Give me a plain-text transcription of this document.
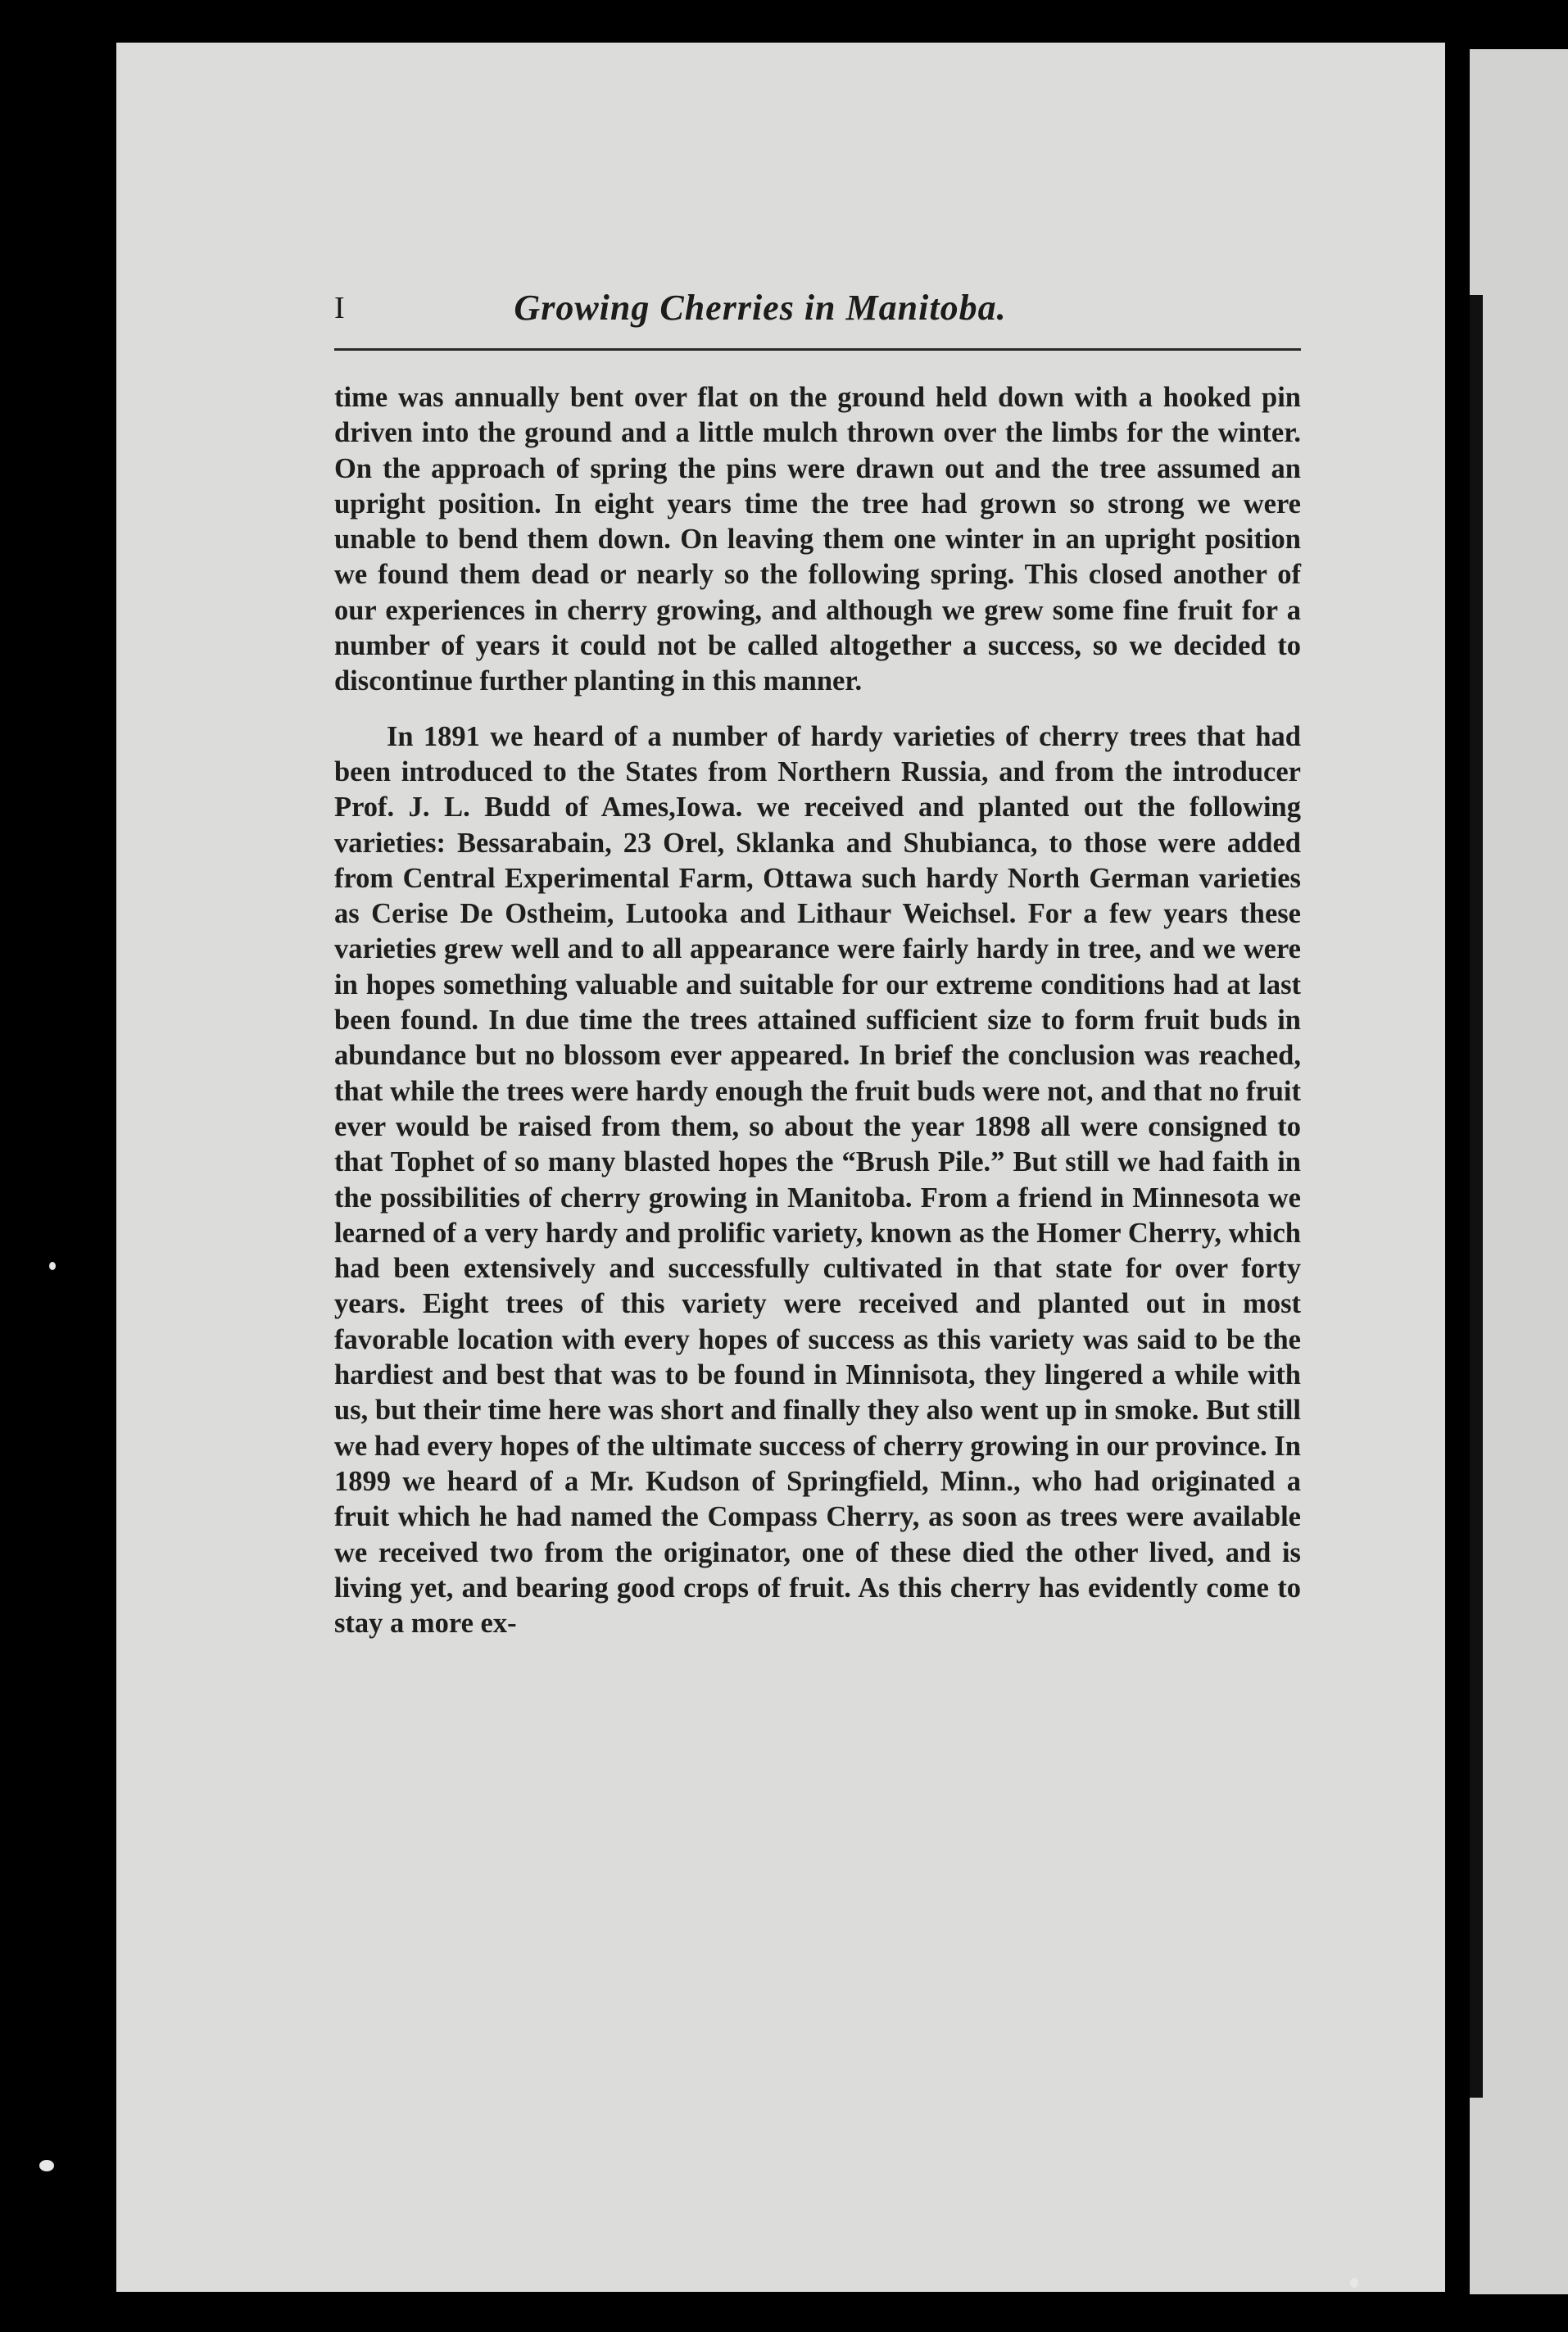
I	Growing Cherries in Manitoba.

time was annually bent over flat on the ground held down with a hooked pin driven into the ground and a little mulch thrown over the limbs for the winter. On the approach of spring the pins were drawn out and the tree assumed an upright position. In eight years time the tree had grown so strong we were unable to bend them down. On leaving them one winter in an upright position we found them dead or nearly so the following spring. This closed another of our experiences in cherry growing, and although we grew some fine fruit for a number of years it could not be called altogether a success, so we decided to discontinue further planting in this manner.

In 1891 we heard of a number of hardy varieties of cherry trees that had been introduced to the States from Northern Russia, and from the introducer Prof. J. L. Budd of Ames,Iowa. we received and planted out the following varieties: Bessarabain, 23 Orel, Sklanka and Shubianca, to those were added from Central Experimental Farm, Ottawa such hardy North German varieties as Cerise De Ostheim, Lutooka and Lithaur Weichsel. For a few years these varieties grew well and to all appearance were fairly hardy in tree, and we were in hopes something valuable and suitable for our extreme conditions had at last been found. In due time the trees attained sufficient size to form fruit buds in abundance but no blossom ever appeared. In brief the conclusion was reached, that while the trees were hardy enough the fruit buds were not, and that no fruit ever would be raised from them, so about the year 1898 all were consigned to that Tophet of so many blasted hopes the “Brush Pile.” But still we had faith in the possibilities of cherry growing in Manitoba. From a friend in Minnesota we learned of a very hardy and prolific variety, known as the Homer Cherry, which had been extensively and successfully cultivated in that state for over forty years. Eight trees of this variety were received and planted out in most favorable location with every hopes of success as this variety was said to be the hardiest and best that was to be found in Minnisota, they lingered a while with us, but their time here was short and finally they also went up in smoke. But still we had every hopes of the ultimate success of cherry growing in our province. In 1899 we heard of a Mr. Kudson of Springfield, Minn., who had originated a fruit which he had named the Compass Cherry, as soon as trees were available we received two from the originator, one of these died the other lived, and is living yet, and bearing good crops of fruit. As this cherry has evidently come to stay a more ex-
